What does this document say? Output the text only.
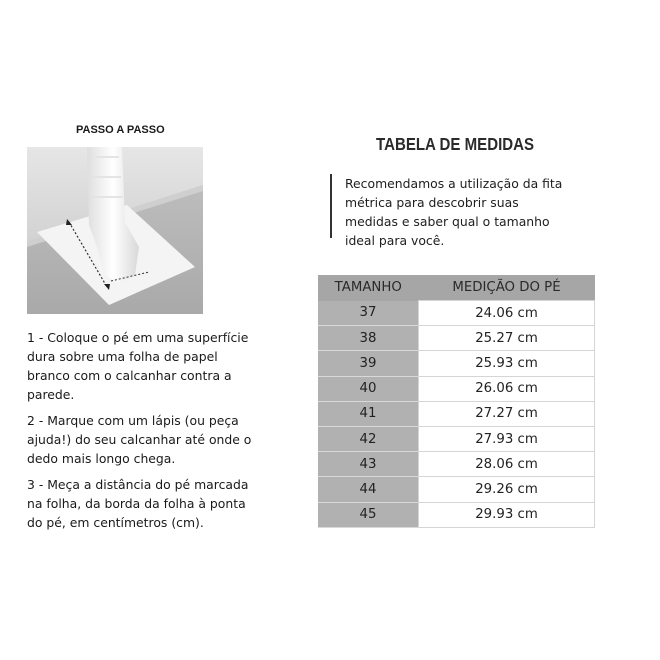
PASSO A PASSO

1 - Coloque o pé em uma superfície dura sobre uma folha de papel branco com o calcanhar contra a parede.

2 - Marque com um lápis (ou peça ajuda!) do seu calcanhar até onde o dedo mais longo chega.

3 - Meça a distância do pé marcada na folha, da borda da folha à ponta do pé, em centímetros (cm).

TABELA DE MEDIDAS
Recomendamos a utilização da fita métrica para descobrir suas medidas e saber qual o tamanho ideal para você.
TAMANHO	MEDIÇÃO DO PÉ
37	24.06 cm
38	25.27 cm
39	25.93 cm
40	26.06 cm
41	27.27 cm
42	27.93 cm
43	28.06 cm
44	29.26 cm
45	29.93 cm
